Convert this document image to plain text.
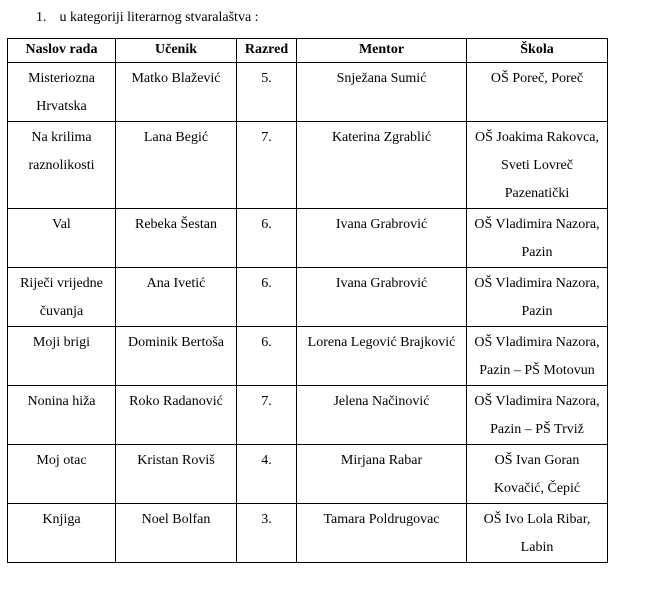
1. u kategoriji literarnog stvaralaštva :
Naslov rada	Učenik	Razred	Mentor	Škola
Misteriozna Hrvatska	Matko Blažević	5.	Snježana Sumić	OŠ Poreč, Poreč
Na krilima raznolikosti	Lana Begić	7.	Katerina Zgrablić	OŠ Joakima Rakovca, Sveti Lovreč Pazenatički
Val	Rebeka Šestan	6.	Ivana Grabrović	OŠ Vladimira Nazora, Pazin
Riječi vrijedne čuvanja	Ana Ivetić	6.	Ivana Grabrović	OŠ Vladimira Nazora, Pazin
Moji brigi	Dominik Bertoša	6.	Lorena Legović Brajković	OŠ Vladimira Nazora, Pazin – PŠ Motovun
Nonina hiža	Roko Radanović	7.	Jelena Načinović	OŠ Vladimira Nazora, Pazin – PŠ Trviž
Moj otac	Kristan Roviš	4.	Mirjana Rabar	OŠ Ivan Goran Kovačić, Čepić
Knjiga	Noel Bolfan	3.	Tamara Poldrugovac	OŠ Ivo Lola Ribar, Labin
